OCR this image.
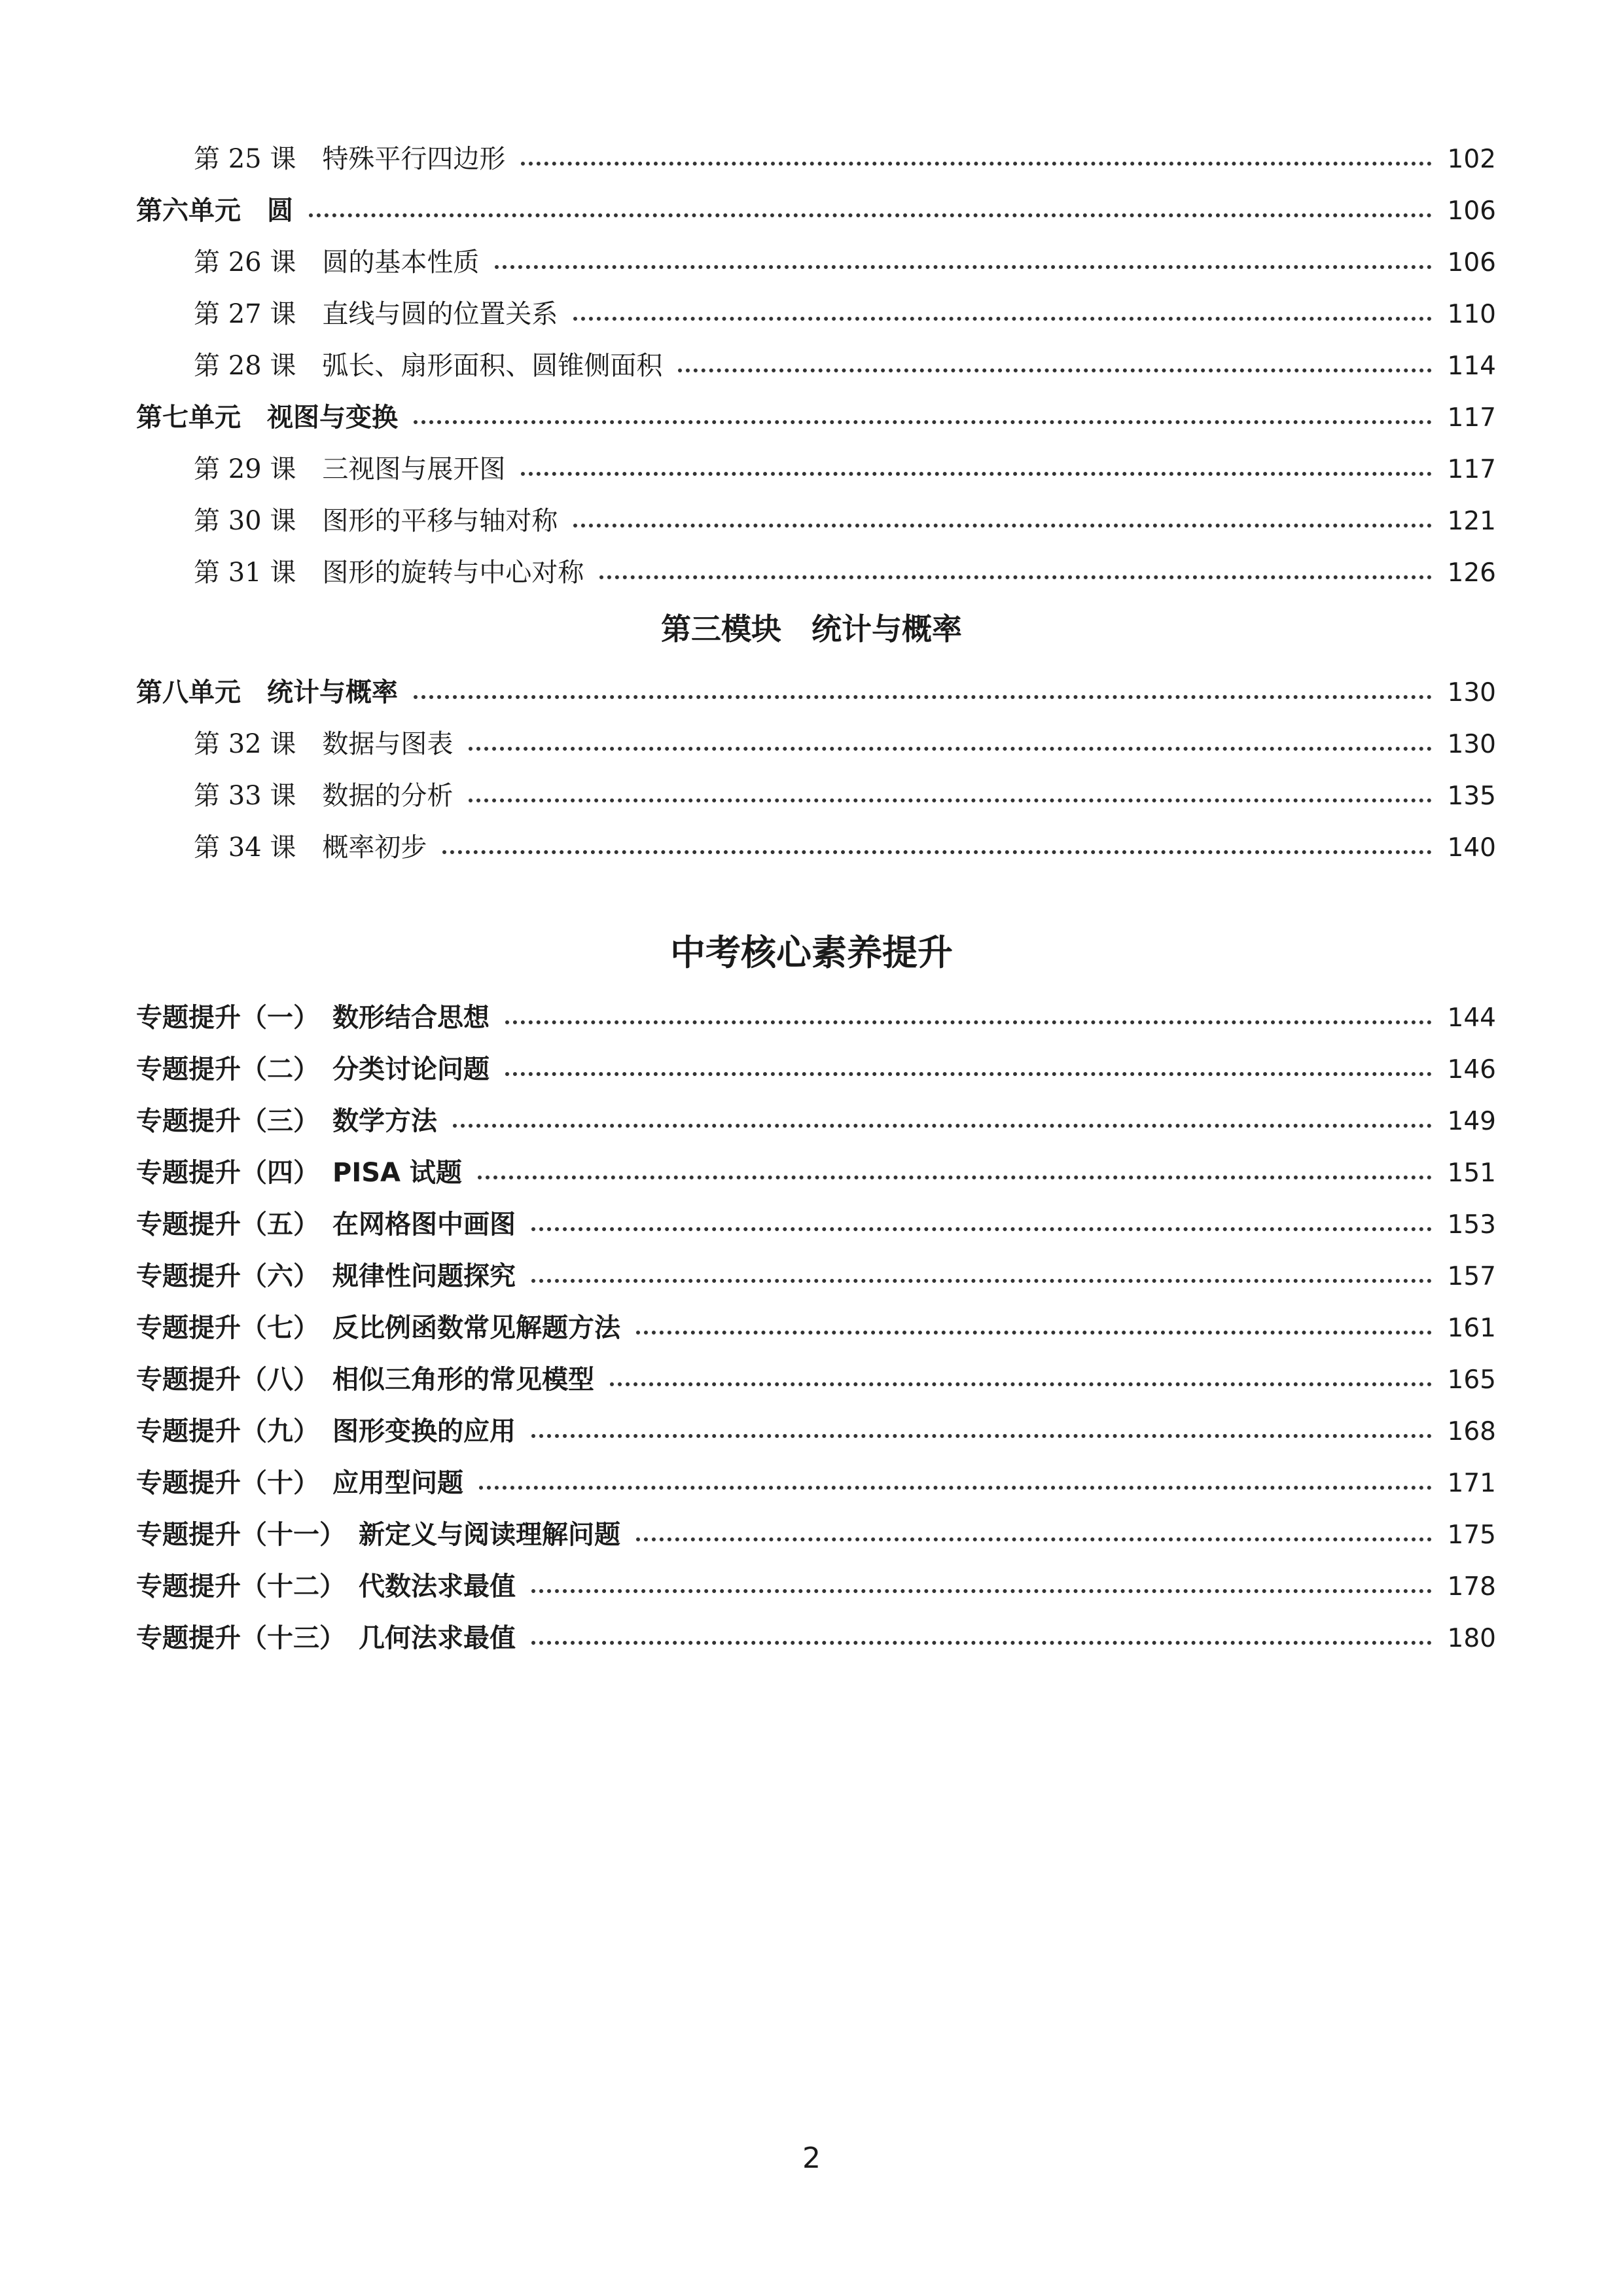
第 25 课　特殊平行四边形	102
第六单元　圆	106
第 26 课　圆的基本性质	106
第 27 课　直线与圆的位置关系	110
第 28 课　弧长、扇形面积、圆锥侧面积	114
第七单元　视图与变换	117
第 29 课　三视图与展开图	117
第 30 课　图形的平移与轴对称	121
第 31 课　图形的旋转与中心对称	126
第三模块　统计与概率
第八单元　统计与概率	130
第 32 课　数据与图表	130
第 33 课　数据的分析	135
第 34 课　概率初步	140
中考核心素养提升
专题提升（一）　数形结合思想	144
专题提升（二）　分类讨论问题	146
专题提升（三）　数学方法	149
专题提升（四）　PISA 试题	151
专题提升（五）　在网格图中画图	153
专题提升（六）　规律性问题探究	157
专题提升（七）　反比例函数常见解题方法	161
专题提升（八）　相似三角形的常见模型	165
专题提升（九）　图形变换的应用	168
专题提升（十）　应用型问题	171
专题提升（十一）　新定义与阅读理解问题	175
专题提升（十二）　代数法求最值	178
专题提升（十三）　几何法求最值	180
2
